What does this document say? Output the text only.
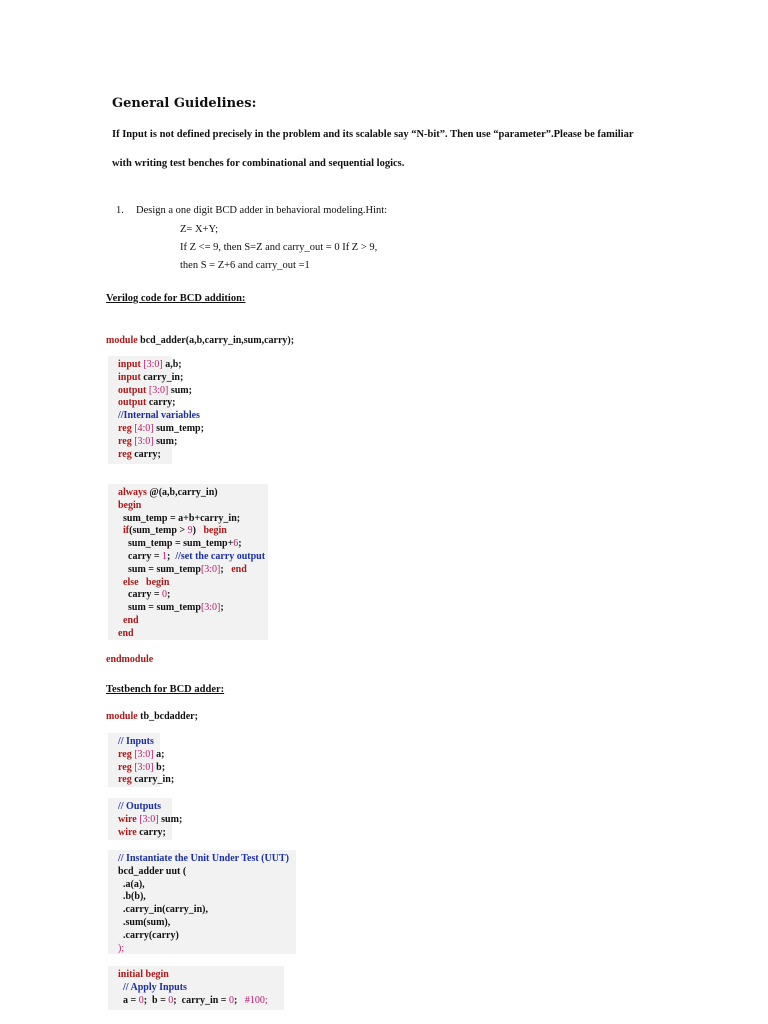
General Guidelines:
If Input is not defined precisely in the problem and its scalable say “N-bit”. Then use “parameter”.Please be familiar
with writing test benches for combinational and sequential logics.
1. Design a one digit BCD adder in behavioral modeling.Hint:
Z= X+Y;
If Z <= 9, then S=Z and carry_out = 0 If Z > 9,
then S = Z+6 and carry_out =1
Verilog code for BCD addition:
module bcd_adder(a,b,carry_in,sum,carry);
input [3:0] a,b;
input carry_in;
output [3:0] sum;
output carry;
//Internal variables
reg [4:0] sum_temp;
reg [3:0] sum;
reg carry;
always @(a,b,carry_in)
begin
sum_temp = a+b+carry_in;
if(sum_temp > 9)   begin
sum_temp = sum_temp+6;
carry = 1;  //set the carry output
sum = sum_temp[3:0];   end
else begin
carry = 0;
sum = sum_temp[3:0];
end
end
endmodule
Testbench for BCD adder:
module tb_bcdadder;
// Inputs
reg [3:0] a;
reg [3:0] b;
reg carry_in;
// Outputs
wire [3:0] sum;
wire carry;
// Instantiate the Unit Under Test (UUT)
bcd_adder uut (
.a(a),
.b(b),
.carry_in(carry_in),
.sum(sum),
.carry(carry)
);
initial begin
// Apply Inputs
a = 0;  b = 0;  carry_in = 0;   #100;
